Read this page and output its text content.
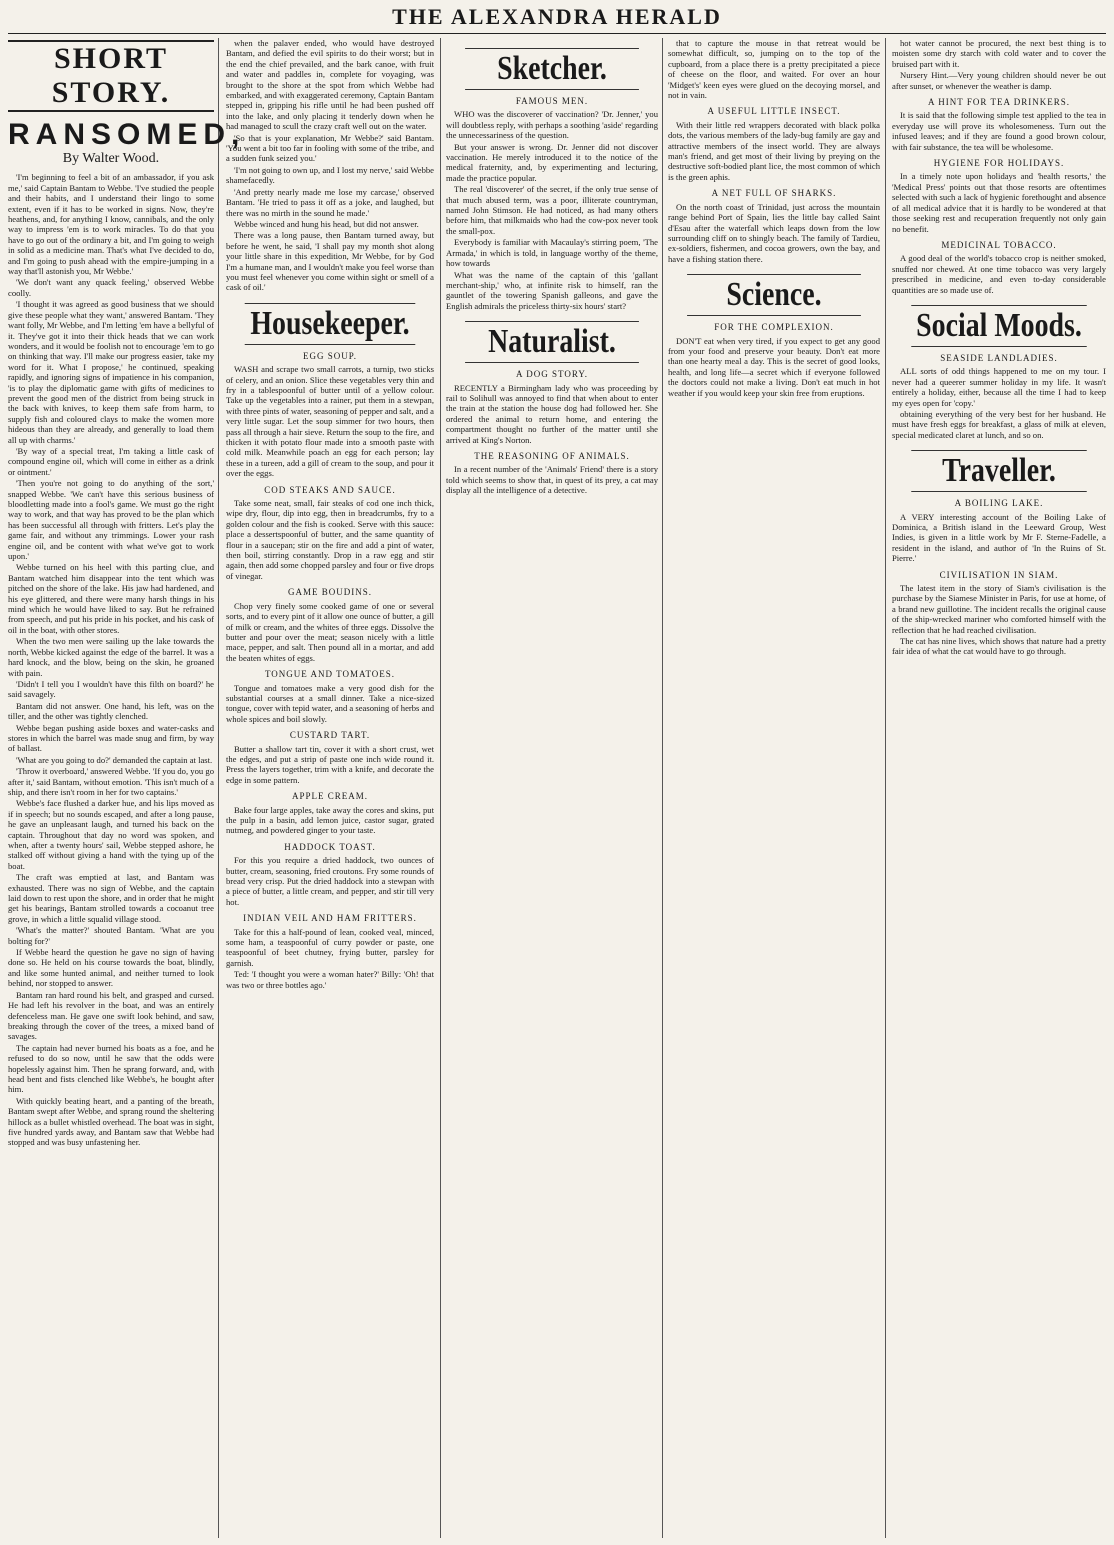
THE ALEXANDRA HERALD
SHORT STORY.
RANSOMED,
By Walter Wood.

'I'm beginning to feel a bit of an ambassador, if you ask me,' said Captain Bantam to Webbe. 'I've studied the people and their habits, and I understand their lingo to some extent, even if it has to be worked in signs. Now, they're heathens, and, for anything I know, cannibals, and the only way to impress 'em is to work miracles. To do that you have to go out of the ordinary a bit, and I'm going to weigh in solid as a medicine man. That's what I've decided to do, and I'm going to push ahead with the empire-jumping in a way that'll astonish you, Mr Webbe.'

'We don't want any quack feeling,' observed Webbe coolly.

'I thought it was agreed as good business that we should give these people what they want,' answered Bantam. 'They want folly, Mr Webbe, and I'm letting 'em have a bellyful of it. They've got it into their thick heads that we can work wonders, and it would be foolish not to encourage 'em to go on thinking that way. I'll make our progress easier, take my word for it. What I propose,' he continued, speaking rapidly, and ignoring signs of impatience in his companion, 'is to play the diplomatic game with gifts of medicines to prevent the good men of the district from being struck in the back with knives, to keep them safe from harm, to supply fish and coloured clays to make the women more hideous than they are already, and generally to load them all up with charms.'

'By way of a special treat, I'm taking a little cask of compound engine oil, which will come in either as a drink or ointment.'

'Then you're not going to do anything of the sort,' snapped Webbe. 'We can't have this serious business of bloodletting made into a fool's game. We must go the right way to work, and that way has proved to be the plan which has been successful all through with fritters. Let's play the game fair, and without any trimmings. Lower your rash engine oil, and be content with what we've got to work upon.'

Webbe turned on his heel with this parting clue, and Bantam watched him disappear into the tent which was pitched on the shore of the lake. His jaw had hardened, and his eye glittered, and there were many harsh things in his mind which he would have liked to say. But he refrained from speech, and put his pride in his pocket, and his cask of oil in the boat, with other stores.

When the two men were sailing up the lake towards the north, Webbe kicked against the edge of the barrel. It was a hard knock, and the blow, being on the skin, he groaned with pain.

'Didn't I tell you I wouldn't have this filth on board?' he said savagely.

Bantam did not answer. One hand, his left, was on the tiller, and the other was tightly clenched.

Webbe began pushing aside boxes and water-casks and stores in which the barrel was made snug and firm, by way of ballast.

'What are you going to do?' demanded the captain at last.

'Throw it overboard,' answered Webbe. 'If you do, you go after it,' said Bantam, without emotion. 'This isn't much of a ship, and there isn't room in her for two captains.'

Webbe's face flushed a darker hue, and his lips moved as if in speech; but no sounds escaped, and after a long pause, he gave an unpleasant laugh, and turned his back on the captain. Throughout that day no word was spoken, and when, after a twenty hours' sail, Webbe stepped ashore, he stalked off without giving a hand with the tying up of the boat.

The craft was emptied at last, and Bantam was exhausted. There was no sign of Webbe, and the captain laid down to rest upon the shore, and in order that he might get his bearings, Bantam strolled towards a cocoanut tree grove, in which a little squalid village stood.

'What's the matter?' shouted Bantam. 'What are you bolting for?'

If Webbe heard the question he gave no sign of having done so. He held on his course towards the boat, blindly, and like some hunted animal, and neither turned to look behind, nor stopped to answer.

Bantam ran hard round his belt, and grasped and cursed. He had left his revolver in the boat, and was an entirely defenceless man. He gave one swift look behind, and saw, breaking through the cover of the trees, a mixed band of savages.

The captain had never burned his boats as a foe, and he refused to do so now, until he saw that the odds were hopelessly against him. Then he sprang forward, and, with head bent and fists clenched like Webbe's, he bought after him.

With quickly beating heart, and a panting of the breath, Bantam swept after Webbe, and sprang round the sheltering hillock as a bullet whistled overhead. The boat was in sight, five hundred yards away, and Bantam saw that Webbe had stopped and was busy unfastening her.

when the palaver ended, who would have destroyed Bantam, and defied the evil spirits to do their worst; but in the end the chief prevailed, and the bark canoe, with fruit and water and paddles in, complete for voyaging, was brought to the shore at the spot from which Webbe had embarked, and with exaggerated ceremony, Captain Bantam stepped in, gripping his rifle until he had been pushed off into the lake, and only placing it tenderly down when he had managed to scull the crazy craft well out on the water.

'So that is your explanation, Mr Webbe?' said Bantam. 'You went a bit too far in fooling with some of the tribe, and a sudden funk seized you.'

'I'm not going to own up, and I lost my nerve,' said Webbe shamefacedly.

'And pretty nearly made me lose my carcase,' observed Bantam. 'He tried to pass it off as a joke, and laughed, but there was no mirth in the sound he made.'

Webbe winced and hung his head, but did not answer.

There was a long pause, then Bantam turned away, but before he went, he said, 'I shall pay my month shot along your little share in this expedition, Mr Webbe, for by God I'm a humane man, and I wouldn't make you feel worse than you must feel whenever you come within sight or smell of a cask of oil.'

Housekeeper.
EGG SOUP.

WASH and scrape two small carrots, a turnip, two sticks of celery, and an onion. Slice these vegetables very thin and fry in a tablespoonful of butter until of a yellow colour. Take up the vegetables into a rainer, put them in a stewpan, with three pints of water, seasoning of pepper and salt, and a very little sugar. Let the soup simmer for two hours, then pass all through a hair sieve. Return the soup to the fire, and thicken it with potato flour made into a smooth paste with cold milk. Meanwhile poach an egg for each person; lay these in a tureen, add a gill of cream to the soup, and pour it over the eggs.

COD STEAKS AND SAUCE.

Take some neat, small, fair steaks of cod one inch thick, wipe dry, flour, dip into egg, then in breadcrumbs, fry to a golden colour and the fish is cooked. Serve with this sauce: place a dessertspoonful of butter, and the same quantity of flour in a saucepan; stir on the fire and add a pint of water, then boil, stirring constantly. Drop in a raw egg and stir again, then add some chopped parsley and four or five drops of vinegar.

GAME BOUDINS.

Chop very finely some cooked game of one or several sorts, and to every pint of it allow one ounce of butter, a gill of milk or cream, and the whites of three eggs. Dissolve the butter and pour over the meat; season nicely with a little mace, pepper, and salt. Then pound all in a mortar, and add the beaten whites of eggs.

TONGUE AND TOMATOES.

Tongue and tomatoes make a very good dish for the substantial courses at a small dinner. Take a nice-sized tongue, cover with tepid water, and a seasoning of herbs and whole spices and boil slowly.

CUSTARD TART.

Butter a shallow tart tin, cover it with a short crust, wet the edges, and put a strip of paste one inch wide round it. Press the layers together, trim with a knife, and decorate the edge in some pattern.

APPLE CREAM.

Bake four large apples, take away the cores and skins, put the pulp in a basin, add lemon juice, castor sugar, grated nutmeg, and powdered ginger to your taste.

HADDOCK TOAST.

For this you require a dried haddock, two ounces of butter, cream, seasoning, fried croutons. Fry some rounds of bread very crisp. Put the dried haddock into a stewpan with a piece of butter, a little cream, and pepper, and stir till very hot.

INDIAN VEIL AND HAM FRITTERS.

Take for this a half-pound of lean, cooked veal, minced, some ham, a teaspoonful of curry powder or paste, one teaspoonful of beet chutney, frying butter, parsley for garnish.

Ted: 'I thought you were a woman hater?' Billy: 'Oh! that was two or three bottles ago.'

Sketcher.
FAMOUS MEN.

WHO was the discoverer of vaccination? 'Dr. Jenner,' you will doubtless reply, with perhaps a soothing 'aside' regarding the unnecessariness of the question.

But your answer is wrong. Dr. Jenner did not discover vaccination. He merely introduced it to the notice of the medical fraternity, and, by experimenting and lecturing, made the practice popular.

The real 'discoverer' of the secret, if the only true sense of that much abused term, was a poor, illiterate countryman, named John Stimson. He had noticed, as had many others before him, that milkmaids who had the cow-pox never took the small-pox.

Everybody is familiar with Macaulay's stirring poem, 'The Armada,' in which is told, in language worthy of the theme, how towards

What was the name of the captain of this 'gallant merchant-ship,' who, at infinite risk to himself, ran the gauntlet of the towering Spanish galleons, and gave the English admirals the priceless thirty-six hours' start?

Naturalist.
A DOG STORY.

RECENTLY a Birmingham lady who was proceeding by rail to Solihull was annoyed to find that when about to enter the train at the station the house dog had followed her. She ordered the animal to return home, and entering the compartment thought no further of the matter until she arrived at King's Norton.

THE REASONING OF ANIMALS.

In a recent number of the 'Animals' Friend' there is a story told which seems to show that, in quest of its prey, a cat may display all the intelligence of a detective.

that to capture the mouse in that retreat would be somewhat difficult, so, jumping on to the top of the cupboard, from a place there is a pretty precipitated a piece of cheese on the floor, and waited. For over an hour 'Midget's' keen eyes were glued on the decoying morsel, and not in vain.

A USEFUL LITTLE INSECT.

With their little red wrappers decorated with black polka dots, the various members of the lady-bug family are gay and attractive members of the insect world. They are always man's friend, and get most of their living by preying on the destructive soft-bodied plant lice, the most common of which is the green aphis.

A NET FULL OF SHARKS.

On the north coast of Trinidad, just across the mountain range behind Port of Spain, lies the little bay called Saint d'Esau after the waterfall which leaps down from the low surrounding cliff on to shingly beach. The family of Tardieu, ex-soldiers, fishermen, and cocoa growers, own the bay, and have a fishing station there.

Science.
FOR THE COMPLEXION.

DON'T eat when very tired, if you expect to get any good from your food and preserve your beauty. Don't eat more than one hearty meal a day. This is the secret of good looks, health, and long life—a secret which if everyone followed the doctors could not make a living. Don't eat much in hot weather if you would keep your skin free from eruptions.

hot water cannot be procured, the next best thing is to moisten some dry starch with cold water and to cover the bruised part with it.

Nursery Hint.—Very young children should never be out after sunset, or whenever the weather is damp.

A HINT FOR TEA DRINKERS.

It is said that the following simple test applied to the tea in everyday use will prove its wholesomeness. Turn out the infused leaves; and if they are found a good brown colour, with fair substance, the tea will be wholesome.

HYGIENE FOR HOLIDAYS.

In a timely note upon holidays and 'health resorts,' the 'Medical Press' points out that those resorts are oftentimes selected with such a lack of hygienic forethought and absence of all medical advice that it is hardly to be wondered at that those seeking rest and recuperation frequently not only gain no benefit.

MEDICINAL TOBACCO.

A good deal of the world's tobacco crop is neither smoked, snuffed nor chewed. At one time tobacco was very largely prescribed in medicine, and even to-day considerable quantities are so made use of.

Social Moods.
SEASIDE LANDLADIES.

ALL sorts of odd things happened to me on my tour. I never had a queerer summer holiday in my life. It wasn't entirely a holiday, either, because all the time I had to keep my eyes open for 'copy.'

obtaining everything of the very best for her husband. He must have fresh eggs for breakfast, a glass of milk at eleven, special medicated claret at lunch, and so on.

Traveller.
A BOILING LAKE.

A VERY interesting account of the Boiling Lake of Dominica, a British island in the Leeward Group, West Indies, is given in a little work by Mr F. Sterne-Fadelle, a resident in the island, and author of 'In the Ruins of St. Pierre.'

CIVILISATION IN SIAM.

The latest item in the story of Siam's civilisation is the purchase by the Siamese Minister in Paris, for use at home, of a brand new guillotine. The incident recalls the original cause of the ship-wrecked mariner who comforted himself with the reflection that he had reached civilisation.

The cat has nine lives, which shows that nature had a pretty fair idea of what the cat would have to go through.
